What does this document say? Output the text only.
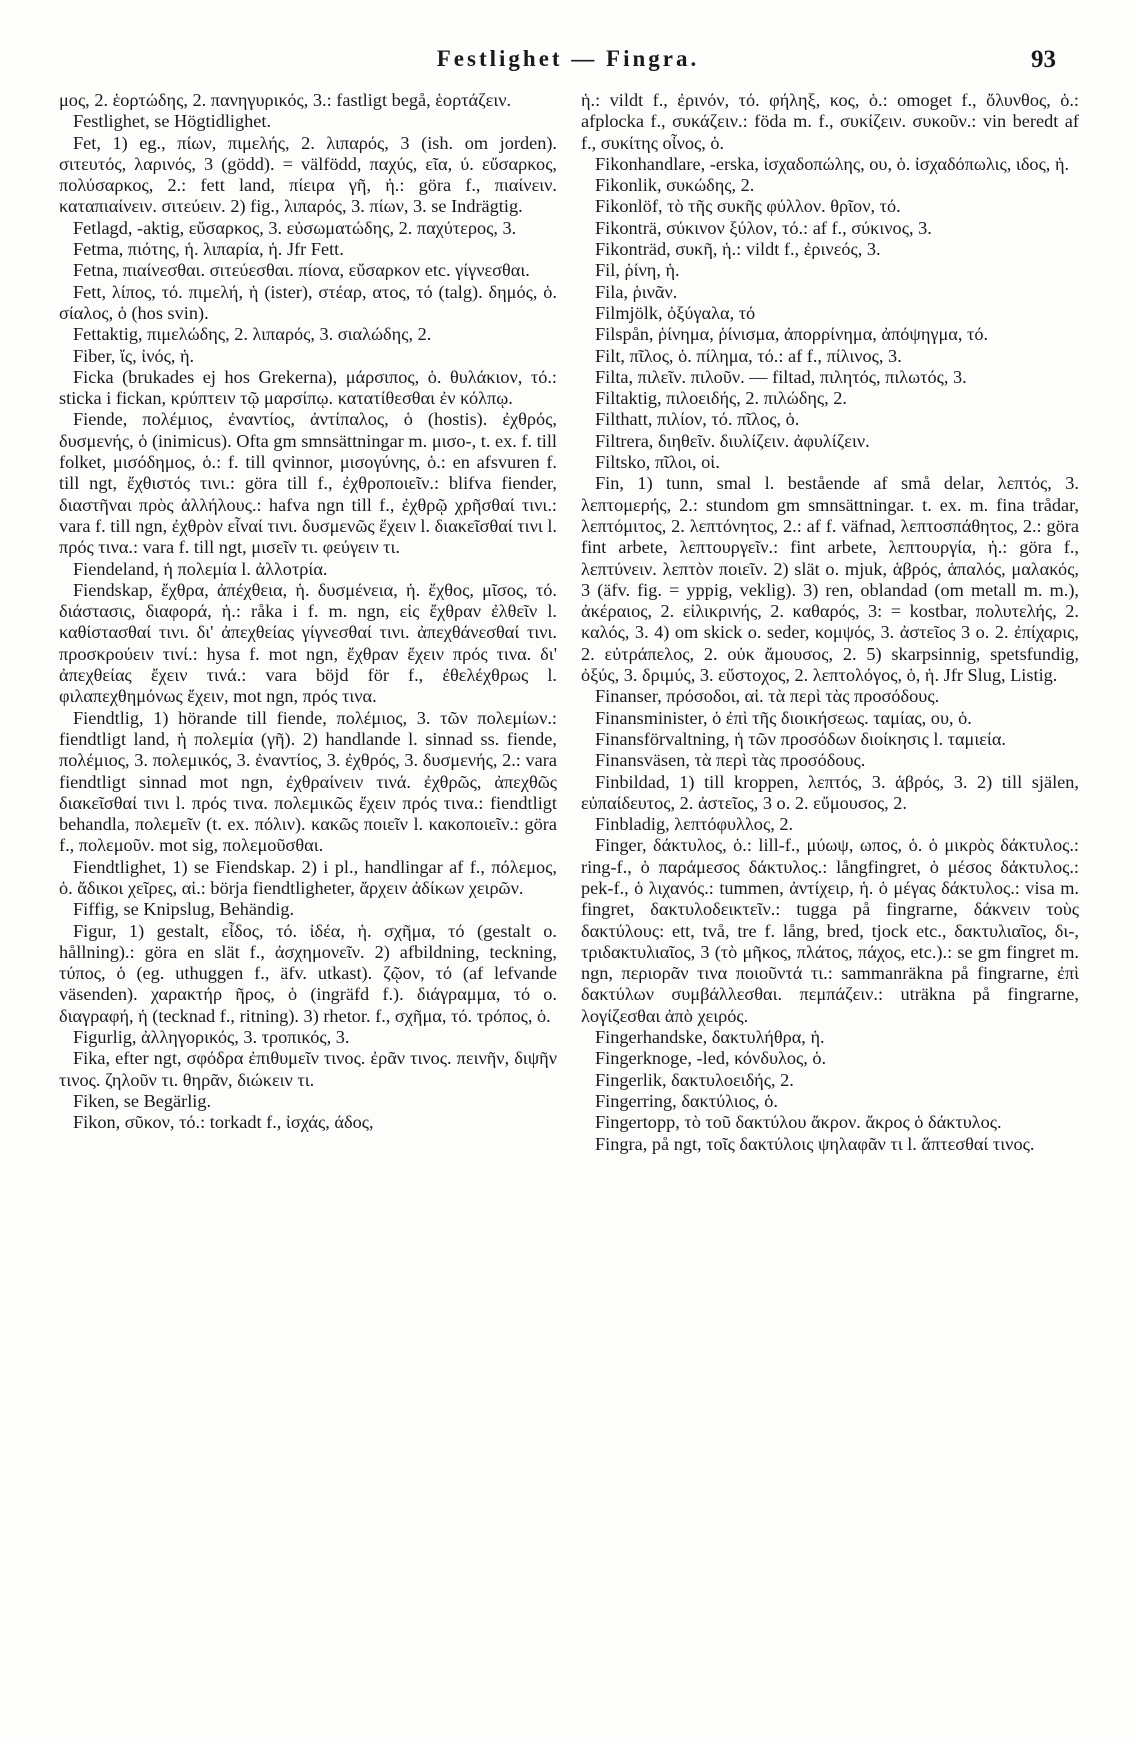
Festlighet — Fingra.	93

μος, 2. ἑορτώδης, 2. πανηγυρικός, 3.: fastligt begå, ἑορτάζειν.

Festlighet, se Högtidlighet.

Fet, 1) eg., πίων, πιμελής, 2. λιπαρός, 3 (ish. om jorden). σιτευτός, λαρινός, 3 (gödd). = välfödd, παχύς, εῖα, ύ. εὔσαρκος, πολύσαρκος, 2.: fett land, πίειρα γῆ, ἡ.: göra f., πιαίνειν. καταπιαίνειν. σιτεύειν. 2) fig., λιπαρός, 3. πίων, 3. se Indrägtig.

Fetlagd, -aktig, εὔσαρκος, 3. εὐσωματώδης, 2. παχύτερος, 3.

Fetma, πιότης, ἡ. λιπαρία, ἡ. Jfr Fett.

Fetna, πιαίνεσθαι. σιτεύεσθαι. πίονα, εὔσαρκον etc. γίγνεσθαι.

Fett, λίπος, τό. πιμελή, ἡ (ister), στέαρ, ατος, τό (talg). δημός, ὁ. σίαλος, ὁ (hos svin).

Fettaktig, πιμελώδης, 2. λιπαρός, 3. σιαλώδης, 2.

Fiber, ἴς, ἰνός, ἡ.

Ficka (brukades ej hos Grekerna), μάρσιπος, ὁ. θυλάκιον, τό.: sticka i fickan, κρύπτειν τῷ μαρσίπῳ. κατατίθεσθαι ἐν κόλπῳ.

Fiende, πολέμιος, ἐναντίος, ἀντίπαλος, ὁ (hostis). ἐχθρός, δυσμενής, ὁ (inimicus). Ofta gm smnsättningar m. μισο-, t. ex. f. till folket, μισόδημος, ὁ.: f. till qvinnor, μισογύνης, ὁ.: en afsvuren f. till ngt, ἔχθιστός τινι.: göra till f., ἐχθροποιεῖν.: blifva fiender, διαστῆναι πρὸς ἀλλήλους.: hafva ngn till f., ἐχθρῷ χρῆσθαί τινι.: vara f. till ngn, ἐχθρὸν εἶναί τινι. δυσμενῶς ἔχειν l. διακεῖσθαί τινι l. πρός τινα.: vara f. till ngt, μισεῖν τι. φεύγειν τι.

Fiendeland, ἡ πολεμία l. ἀλλοτρία.

Fiendskap, ἔχθρα, ἀπέχθεια, ἡ. δυσμένεια, ἡ. ἔχθος, μῖσος, τό. διάστασις, διαφορά, ἡ.: råka i f. m. ngn, εἰς ἔχθραν ἐλθεῖν l. καθίστασθαί τινι. δι' ἀπεχθείας γίγνεσθαί τινι. ἀπεχθάνεσθαί τινι. προσκρούειν τινί.: hysa f. mot ngn, ἔχθραν ἔχειν πρός τινα. δι' ἀπεχθείας ἔχειν τινά.: vara böjd för f., ἐθελέχθρως l. φιλαπεχθημόνως ἔχειν, mot ngn, πρός τινα.

Fiendtlig, 1) hörande till fiende, πολέμιος, 3. τῶν πολεμίων.: fiendtligt land, ἡ πολεμία (γῆ). 2) handlande l. sinnad ss. fiende, πολέμιος, 3. πολεμικός, 3. ἐναντίος, 3. ἐχθρός, 3. δυσμενής, 2.: vara fiendtligt sinnad mot ngn, ἐχθραίνειν τινά. ἐχθρῶς, ἀπεχθῶς διακεῖσθαί τινι l. πρός τινα. πολεμικῶς ἔχειν πρός τινα.: fiendtligt behandla, πολεμεῖν (t. ex. πόλιν). κακῶς ποιεῖν l. κακοποιεῖν.: göra f., πολεμοῦν. mot sig, πολεμοῦσθαι.

Fiendtlighet, 1) se Fiendskap. 2) i pl., handlingar af f., πόλεμος, ὁ. ἄδικοι χεῖρες, αἱ.: börja fiendtligheter, ἄρχειν ἀδίκων χειρῶν.

Fiffig, se Knipslug, Behändig.

Figur, 1) gestalt, εἶδος, τό. ἰδέα, ἡ. σχῆμα, τό (gestalt o. hållning).: göra en slät f., ἀσχημονεῖν. 2) afbildning, teckning, τύπος, ὁ (eg. uthuggen f., äfv. utkast). ζῷον, τό (af lefvande väsenden). χαρακτήρ ῆρος, ὁ (ingräfd f.). διάγραμμα, τό o. διαγραφή, ἡ (tecknad f., ritning). 3) rhetor. f., σχῆμα, τό. τρόπος, ὁ.

Figurlig, ἀλληγορικός, 3. τροπικός, 3.

Fika, efter ngt, σφόδρα ἐπιθυμεῖν τινος. ἐρᾶν τινος. πεινῆν, διψῆν τινος. ζηλοῦν τι. θηρᾶν, διώκειν τι.

Fiken, se Begärlig.

Fikon, σῦκον, τό.: torkadt f., ἰσχάς, άδος,

ἡ.: vildt f., ἐρινόν, τό. φήληξ, κος, ὁ.: omoget f., ὄλυνθος, ὁ.: afplocka f., συκάζειν.: föda m. f., συκίζειν. συκοῦν.: vin beredt af f., συκίτης οἶνος, ὁ.

Fikonhandlare, -erska, ἰσχαδοπώλης, ου, ὁ. ἰσχαδόπωλις, ιδος, ἡ.

Fikonlik, συκώδης, 2.

Fikonlöf, τὸ τῆς συκῆς φύλλον. θρῖον, τό.

Fikonträ, σύκινον ξύλον, τό.: af f., σύκινος, 3.

Fikonträd, συκῆ, ἡ.: vildt f., ἐρινεός, 3.

Fil, ῥίνη, ἡ.

Fila, ῥινᾶν.

Filmjölk, ὀξύγαλα, τό

Filspån, ῥίνημα, ῥίνισμα, ἀπορρίνημα, ἀπόψηγμα, τό.

Filt, πῖλος, ὁ. πίλημα, τό.: af f., πίλινος, 3.

Filta, πιλεῖν. πιλοῦν. — filtad, πιλητός, πιλωτός, 3.

Filtaktig, πιλοειδής, 2. πιλώδης, 2.

Filthatt, πιλίον, τό. πῖλος, ὁ.

Filtrera, διηθεῖν. διυλίζειν. ἀφυλίζειν.

Filtsko, πῖλοι, οἱ.

Fin, 1) tunn, smal l. bestående af små delar, λεπτός, 3. λεπτομερής, 2.: stundom gm smnsättningar. t. ex. m. fina trådar, λεπτόμιτος, 2. λεπτόνητος, 2.: af f. väfnad, λεπτοσπάθητος, 2.: göra fint arbete, λεπτουργεῖν.: fint arbete, λεπτουργία, ἡ.: göra f., λεπτύνειν. λεπτὸν ποιεῖν. 2) slät o. mjuk, ἁβρός, ἁπαλός, μαλακός, 3 (äfv. fig. = yppig, veklig). 3) ren, oblandad (om metall m. m.), ἀκέραιος, 2. εἰλικρινής, 2. καθαρός, 3: = kostbar, πολυτελής, 2. καλός, 3. 4) om skick o. seder, κομψός, 3. ἀστεῖος 3 o. 2. ἐπίχαρις, 2. εὐτράπελος, 2. οὐκ ἄμουσος, 2. 5) skarpsinnig, spetsfundig, ὀξύς, 3. δριμύς, 3. εὔστοχος, 2. λεπτολόγος, ὁ, ἡ. Jfr Slug, Listig.

Finanser, πρόσοδοι, αἱ. τὰ περὶ τὰς προσόδους.

Finansminister, ὁ ἐπὶ τῆς διοικήσεως. ταμίας, ου, ὁ.

Finansförvaltning, ἡ τῶν προσόδων διοίκησις l. ταμιεία.

Finansväsen, τὰ περὶ τὰς προσόδους.

Finbildad, 1) till kroppen, λεπτός, 3. ἁβρός, 3. 2) till själen, εὐπαίδευτος, 2. ἀστεῖος, 3 o. 2. εὔμουσος, 2.

Finbladig, λεπτόφυλλος, 2.

Finger, δάκτυλος, ὁ.: lill-f., μύωψ, ωπος, ὁ. ὁ μικρὸς δάκτυλος.: ring-f., ὁ παράμεσος δάκτυλος.: långfingret, ὁ μέσος δάκτυλος.: pek-f., ὁ λιχανός.: tummen, ἀντίχειρ, ἡ. ὁ μέγας δάκτυλος.: visa m. fingret, δακτυλοδεικτεῖν.: tugga på fingrarne, δάκνειν τοὺς δακτύλους: ett, två, tre f. lång, bred, tjock etc., δακτυλιαῖος, δι-, τριδακτυλιαῖος, 3 (τὸ μῆκος, πλάτος, πάχος, etc.).: se gm fingret m. ngn, περιορᾶν τινα ποιοῦντά τι.: sammanräkna på fingrarne, ἐπὶ δακτύλων συμβάλλεσθαι. πεμπάζειν.: uträkna på fingrarne, λογίζεσθαι ἀπὸ χειρός.

Fingerhandske, δακτυλήθρα, ἡ.

Fingerknoge, -led, κόνδυλος, ὁ.

Fingerlik, δακτυλοειδής, 2.

Fingerring, δακτύλιος, ὁ.

Fingertopp, τὸ τοῦ δακτύλου ἄκρον. ἄκρος ὁ δάκτυλος.

Fingra, på ngt, τοῖς δακτύλοις ψηλαφᾶν τι l. ἅπτεσθαί τινος.
